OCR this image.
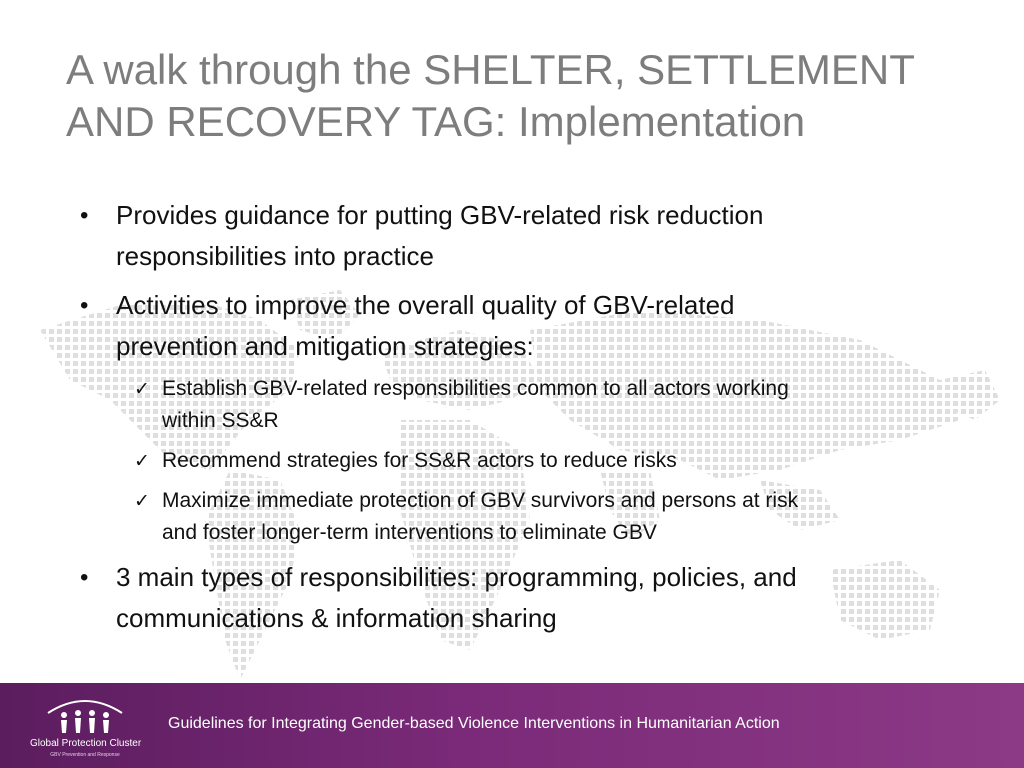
A walk through the SHELTER, SETTLEMENT
AND RECOVERY TAG: Implementation
• Provides guidance for putting GBV-related risk reduction
responsibilities into practice
• Activities to improve the overall quality of GBV-related
prevention and mitigation strategies:
✓ Establish GBV-related responsibilities common to all actors working
within SS&R
✓ Recommend strategies for SS&R actors to reduce risks
✓ Maximize immediate protection of GBV survivors and persons at risk
and foster longer-term interventions to eliminate GBV
• 3 main types of responsibilities: programming, policies, and
communications & information sharing
Global Protection Cluster
GBV Prevention and Response
Guidelines for Integrating Gender-based Violence Interventions in Humanitarian Action
